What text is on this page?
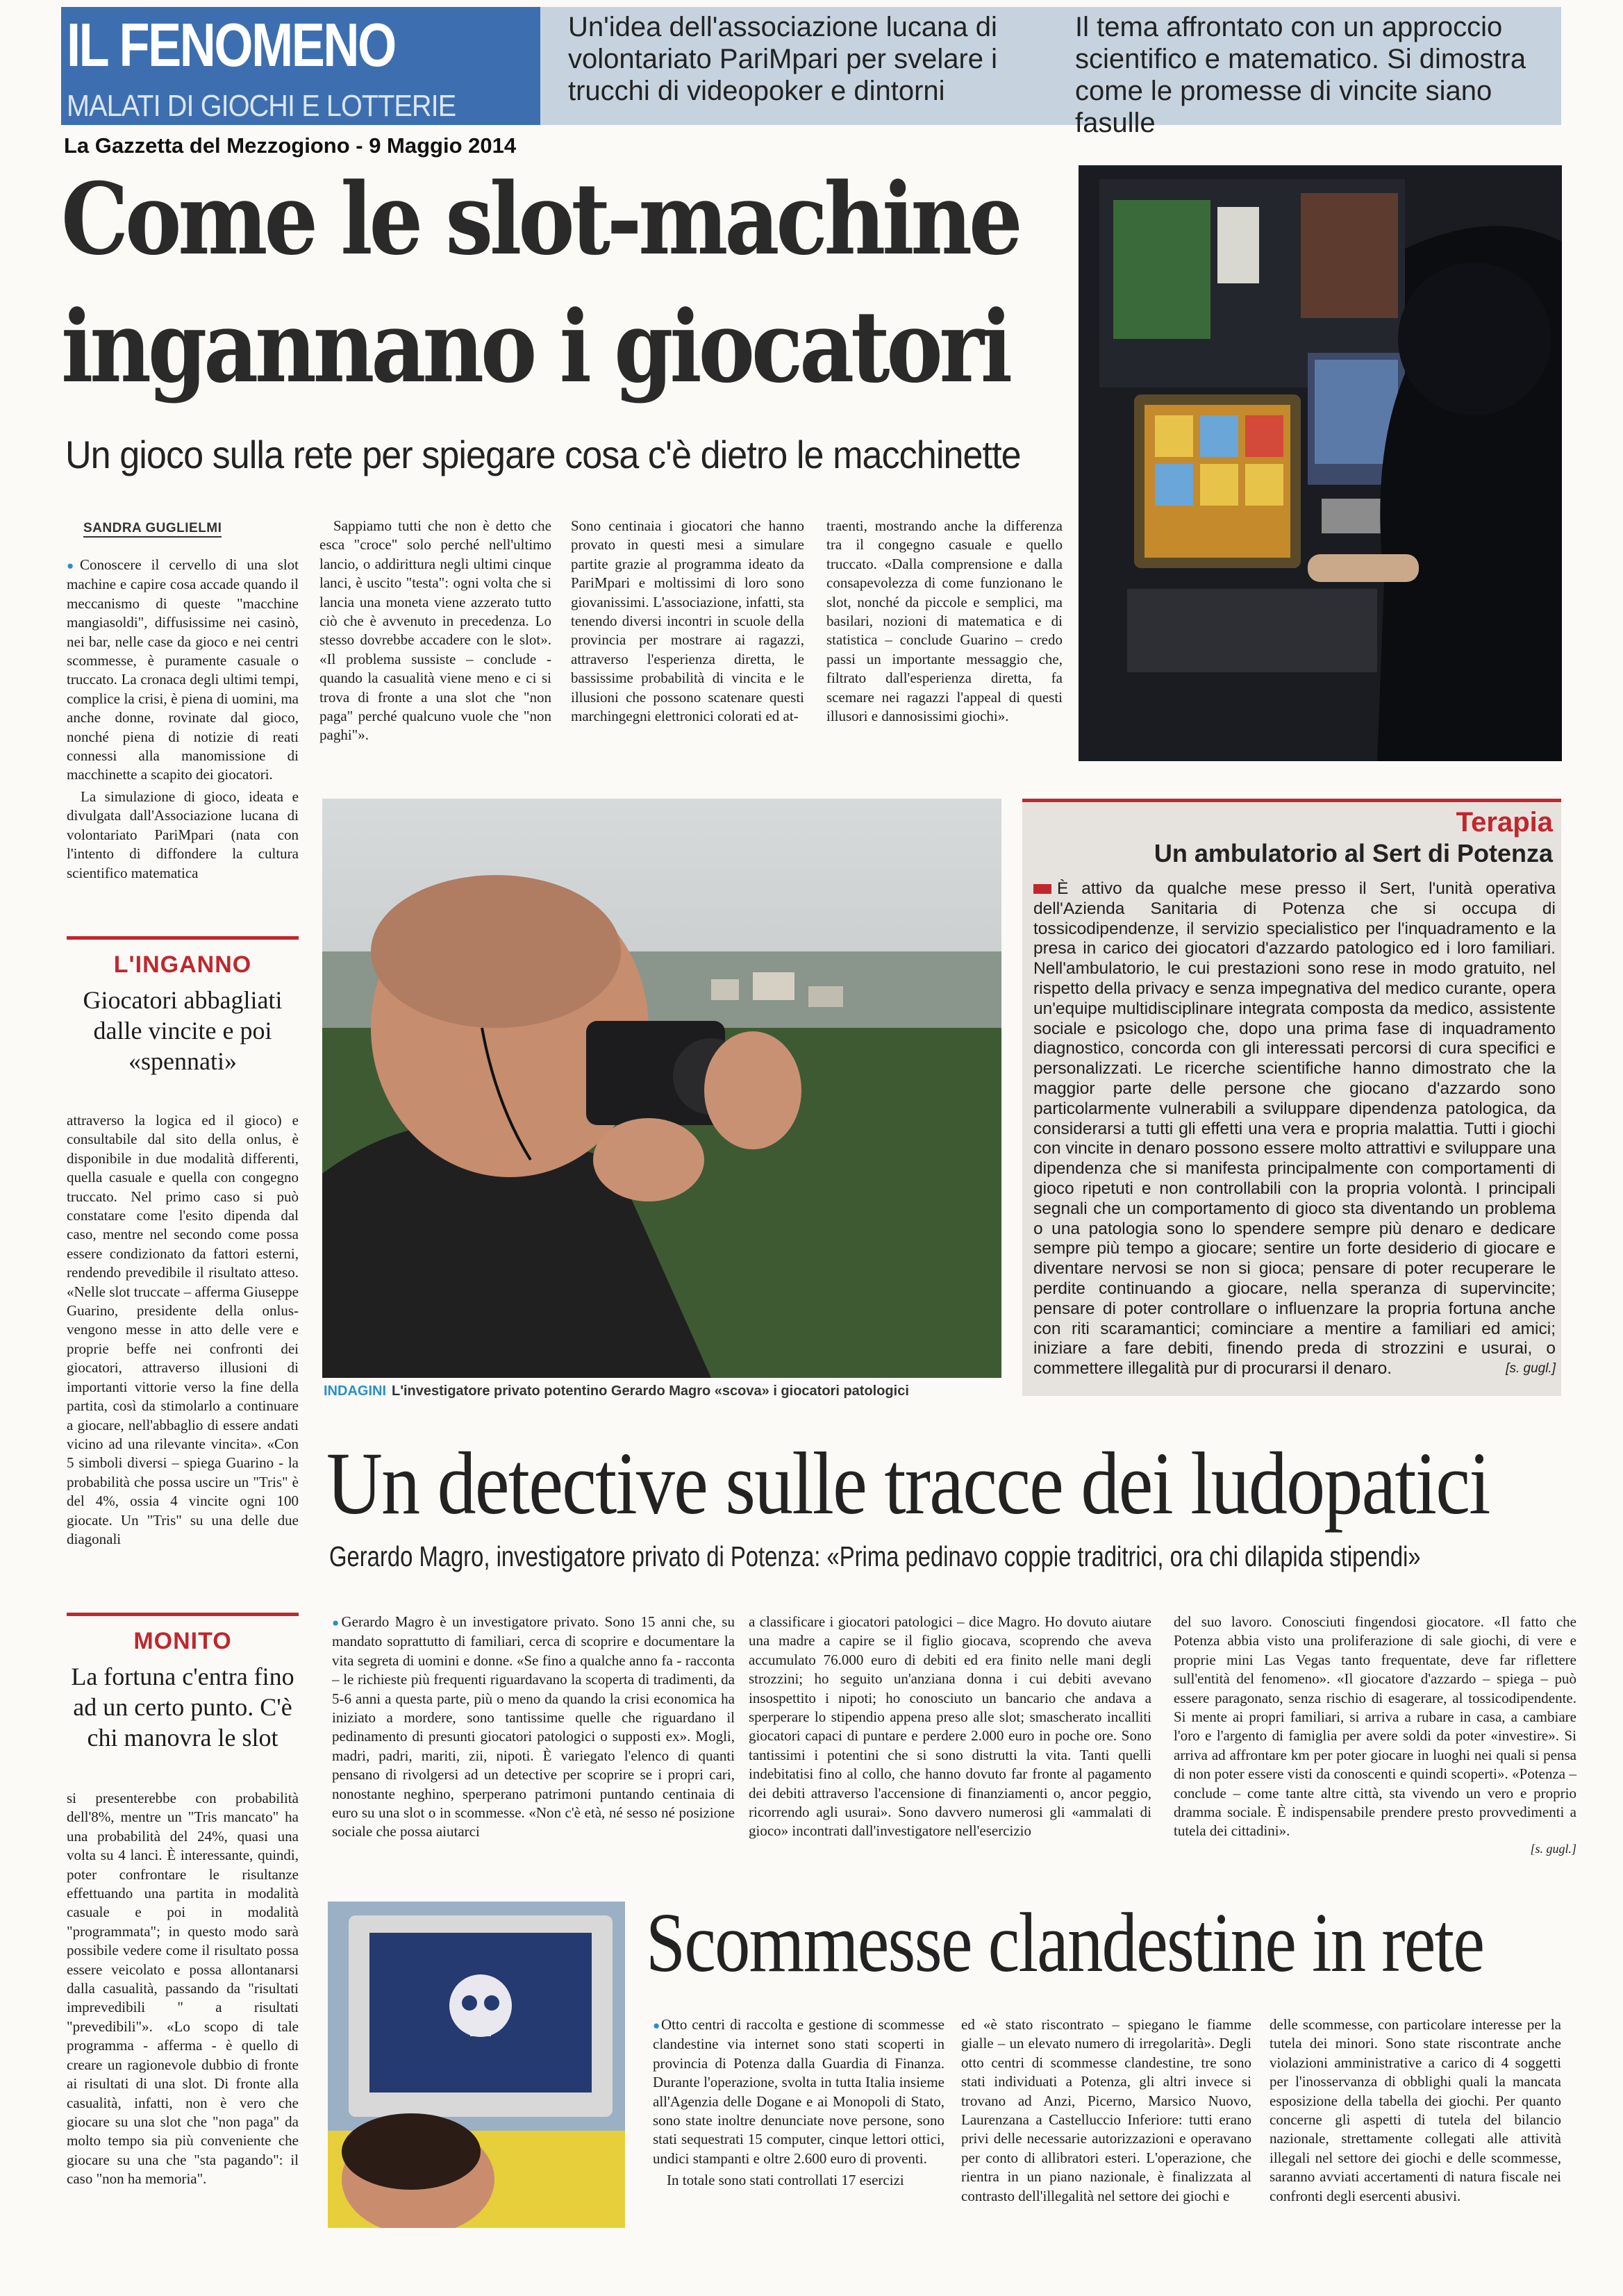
IL FENOMENO
MALATI DI GIOCHI E LOTTERIE
Un'idea dell'associazione lucana di volontariato PariMpari per svelare i trucchi di videopoker e dintorni
Il tema affrontato con un approccio scientifico e matematico. Si dimostra come le promesse di vincite siano fasulle
La Gazzetta del Mezzogiono - 9 Maggio 2014
Come le slot-machine
ingannano i giocatori
Un gioco sulla rete per spiegare cosa c'è dietro le macchinette
SANDRA GUGLIELMI

● Conoscere il cervello di una slot machine e capire cosa accade quando il meccanismo di queste "macchine mangiasoldi", diffusissime nei casinò, nei bar, nelle case da gioco e nei centri scommesse, è puramente casuale o truccato. La cronaca degli ultimi tempi, complice la crisi, è piena di uomini, ma anche donne, rovinate dal gioco, nonché piena di notizie di reati connessi alla manomissione di macchinette a scapito dei giocatori.

La simulazione di gioco, ideata e divulgata dall'Associazione lucana di volontariato PariMpari (nata con l'intento di diffondere la cultura scientifico matematica

Sappiamo tutti che non è detto che esca "croce" solo perché nell'ultimo lancio, o addirittura negli ultimi cinque lanci, è uscito "testa": ogni volta che si lancia una moneta viene azzerato tutto ciò che è avvenuto in precedenza. Lo stesso dovrebbe accadere con le slot». «Il problema sussiste – conclude - quando la casualità viene meno e ci si trova di fronte a una slot che "non paga" perché qualcuno vuole che "non paghi"».

Sono centinaia i giocatori che hanno provato in questi mesi a simulare partite grazie al programma ideato da PariMpari e moltissimi di loro sono giovanissimi. L'associazione, infatti, sta tenendo diversi incontri in scuole della provincia per mostrare ai ragazzi, attraverso l'esperienza diretta, le bassissime probabilità di vincita e le illusioni che possono scatenare questi marchingegni elettronici colorati ed at-

traenti, mostrando anche la differenza tra il congegno casuale e quello truccato. «Dalla comprensione e dalla consapevolezza di come funzionano le slot, nonché da piccole e semplici, ma basilari, nozioni di matematica e di statistica – conclude Guarino – credo passi un importante messaggio che, filtrato dall'esperienza diretta, fa scemare nei ragazzi l'appeal di questi illusori e dannosissimi giochi».

L'INGANNO
Giocatori abbagliati dalle vincite e poi «spennati»

attraverso la logica ed il gioco) e consultabile dal sito della onlus, è disponibile in due modalità differenti, quella casuale e quella con congegno truccato. Nel primo caso si può constatare come l'esito dipenda dal caso, mentre nel secondo come possa essere condizionato da fattori esterni, rendendo prevedibile il risultato atteso. «Nelle slot truccate – afferma Giuseppe Guarino, presidente della onlus- vengono messe in atto delle vere e proprie beffe nei confronti dei giocatori, attraverso illusioni di importanti vittorie verso la fine della partita, così da stimolarlo a continuare a giocare, nell'abbaglio di essere andati vicino ad una rilevante vincita». «Con 5 simboli diversi – spiega Guarino - la probabilità che possa uscire un "Tris" è del 4%, ossia 4 vincite ogni 100 giocate. Un "Tris" su una delle due diagonali

MONITO
La fortuna c'entra fino ad un certo punto. C'è chi manovra le slot

si presenterebbe con probabilità dell'8%, mentre un "Tris mancato" ha una probabilità del 24%, quasi una volta su 4 lanci. È interessante, quindi, poter confrontare le risultanze effettuando una partita in modalità casuale e poi in modalità "programmata"; in questo modo sarà possibile vedere come il risultato possa essere veicolato e possa allontanarsi dalla casualità, passando da "risultati imprevedibili " a risultati "prevedibili"». «Lo scopo di tale programma - afferma - è quello di creare un ragionevole dubbio di fronte ai risultati di una slot. Di fronte alla casualità, infatti, non è vero che giocare su una slot che "non paga" da molto tempo sia più conveniente che giocare su una che "sta pagando": il caso "non ha memoria".

INDAGINI L'investigatore privato potentino Gerardo Magro «scova» i giocatori patologici
Terapia
Un ambulatorio al Sert di Potenza
È attivo da qualche mese presso il Sert, l'unità operativa dell'Azienda Sanitaria di Potenza che si occupa di tossicodipendenze, il servizio specialistico per l'inquadramento e la presa in carico dei giocatori d'azzardo patologico ed i loro familiari. Nell'ambulatorio, le cui prestazioni sono rese in modo gratuito, nel rispetto della privacy e senza impegnativa del medico curante, opera un'equipe multidisciplinare integrata composta da medico, assistente sociale e psicologo che, dopo una prima fase di inquadramento diagnostico, concorda con gli interessati percorsi di cura specifici e personalizzati. Le ricerche scientifiche hanno dimostrato che la maggior parte delle persone che giocano d'azzardo sono particolarmente vulnerabili a sviluppare dipendenza patologica, da considerarsi a tutti gli effetti una vera e propria malattia. Tutti i giochi con vincite in denaro possono essere molto attrattivi e sviluppare una dipendenza che si manifesta principalmente con comportamenti di gioco ripetuti e non controllabili con la propria volontà. I principali segnali che un comportamento di gioco sta diventando un problema o una patologia sono lo spendere sempre più denaro e dedicare sempre più tempo a giocare; sentire un forte desiderio di giocare e diventare nervosi se non si gioca; pensare di poter recuperare le perdite continuando a giocare, nella speranza di supervincite; pensare di poter controllare o influenzare la propria fortuna anche con riti scaramantici; cominciare a mentire a familiari ed amici; iniziare a fare debiti, finendo preda di strozzini e usurai, o commettere illegalità pur di procurarsi il denaro.	[s. gugl.]
Un detective sulle tracce dei ludopatici
Gerardo Magro, investigatore privato di Potenza: «Prima pedinavo coppie traditrici, ora chi dilapida stipendi»

● Gerardo Magro è un investigatore privato. Sono 15 anni che, su mandato soprattutto di familiari, cerca di scoprire e documentare la vita segreta di uomini e donne. «Se fino a qualche anno fa - racconta – le richieste più frequenti riguardavano la scoperta di tradimenti, da 5-6 anni a questa parte, più o meno da quando la crisi economica ha iniziato a mordere, sono tantissime quelle che riguardano il pedinamento di presunti giocatori patologici o supposti ex». Mogli, madri, padri, mariti, zii, nipoti. È variegato l'elenco di quanti pensano di rivolgersi ad un detective per scoprire se i propri cari, nonostante neghino, sperperano patrimoni puntando centinaia di euro su una slot o in scommesse. «Non c'è età, né sesso né posizione sociale che possa aiutarci

a classificare i giocatori patologici – dice Magro. Ho dovuto aiutare una madre a capire se il figlio giocava, scoprendo che aveva accumulato 76.000 euro di debiti ed era finito nelle mani degli strozzini; ho seguito un'anziana donna i cui debiti avevano insospettito i nipoti; ho conosciuto un bancario che andava a sperperare lo stipendio appena preso alle slot; smascherato incalliti giocatori capaci di puntare e perdere 2.000 euro in poche ore. Sono tantissimi i potentini che si sono distrutti la vita. Tanti quelli indebitatisi fino al collo, che hanno dovuto far fronte al pagamento dei debiti attraverso l'accensione di finanziamenti o, ancor peggio, ricorrendo agli usurai». Sono davvero numerosi gli «ammalati di gioco» incontrati dall'investigatore nell'esercizio

del suo lavoro. Conosciuti fingendosi giocatore. «Il fatto che Potenza abbia visto una proliferazione di sale giochi, di vere e proprie mini Las Vegas tanto frequentate, deve far riflettere sull'entità del fenomeno». «Il giocatore d'azzardo – spiega – può essere paragonato, senza rischio di esagerare, al tossicodipendente. Si mente ai propri familiari, si arriva a rubare in casa, a cambiare l'oro e l'argento di famiglia per avere soldi da poter «investire». Si arriva ad affrontare km per poter giocare in luoghi nei quali si pensa di non poter essere visti da conoscenti e quindi scoperti». «Potenza – conclude – come tante altre città, sta vivendo un vero e proprio dramma sociale. È indispensabile prendere presto provvedimenti a tutela dei cittadini».

[s. gugl.]
Scommesse clandestine in rete

● Otto centri di raccolta e gestione di scommesse clandestine via internet sono stati scoperti in provincia di Potenza dalla Guardia di Finanza. Durante l'operazione, svolta in tutta Italia insieme all'Agenzia delle Dogane e ai Monopoli di Stato, sono state inoltre denunciate nove persone, sono stati sequestrati 15 computer, cinque lettori ottici, undici stampanti e oltre 2.600 euro di proventi.

In totale sono stati controllati 17 esercizi

ed «è stato riscontrato – spiegano le fiamme gialle – un elevato numero di irregolarità». Degli otto centri di scommesse clandestine, tre sono stati individuati a Potenza, gli altri invece si trovano ad Anzi, Picerno, Marsico Nuovo, Laurenzana a Castelluccio Inferiore: tutti erano privi delle necessarie autorizzazioni e operavano per conto di allibratori esteri. L'operazione, che rientra in un piano nazionale, è finalizzata al contrasto dell'illegalità nel settore dei giochi e

delle scommesse, con particolare interesse per la tutela dei minori. Sono state riscontrate anche violazioni amministrative a carico di 4 soggetti per l'inosservanza di obblighi quali la mancata esposizione della tabella dei giochi. Per quanto concerne gli aspetti di tutela del bilancio nazionale, strettamente collegati alle attività illegali nel settore dei giochi e delle scommesse, saranno avviati accertamenti di natura fiscale nei confronti degli esercenti abusivi.
